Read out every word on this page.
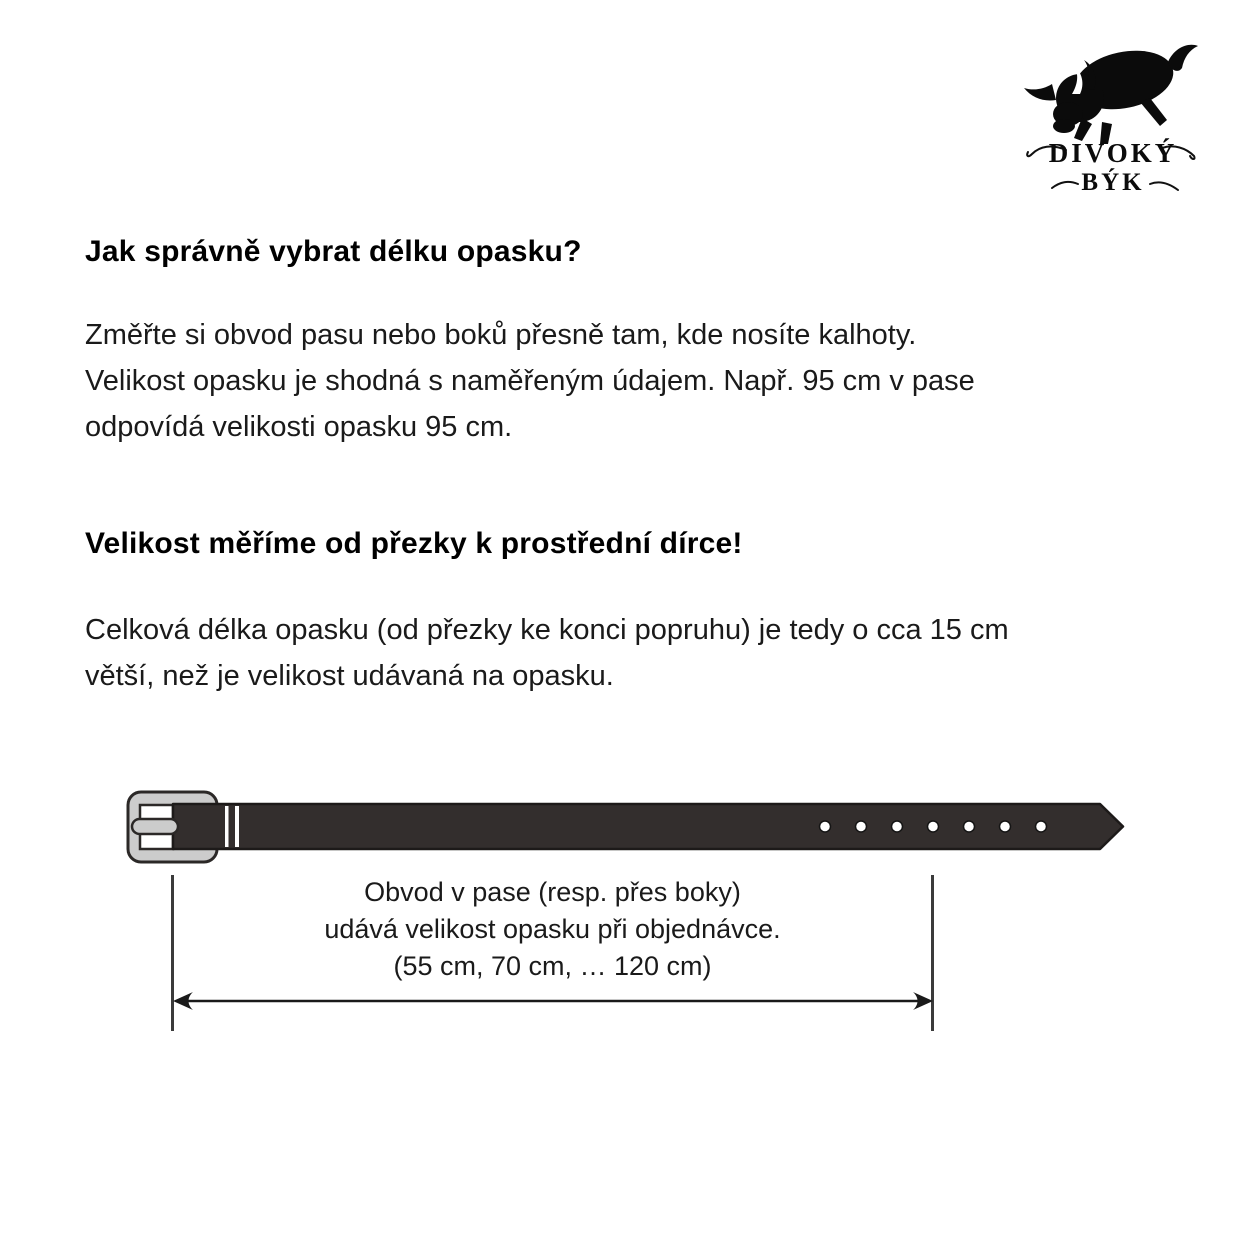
DIVOKÝ
BÝK
Jak správně vybrat délku opasku?
Změřte si obvod pasu nebo boků přesně tam, kde nosíte kalhoty.
Velikost opasku je shodná s naměřeným údajem. Např. 95 cm v pase
odpovídá velikosti opasku 95 cm.
Velikost měříme od přezky k prostřední dírce!
Celková délka opasku (od přezky ke konci popruhu) je tedy o cca 15 cm
větší, než je velikost udávaná na opasku.
Obvod v pase (resp. přes boky)
udává velikost opasku při objednávce.
(55 cm, 70 cm, … 120 cm)
